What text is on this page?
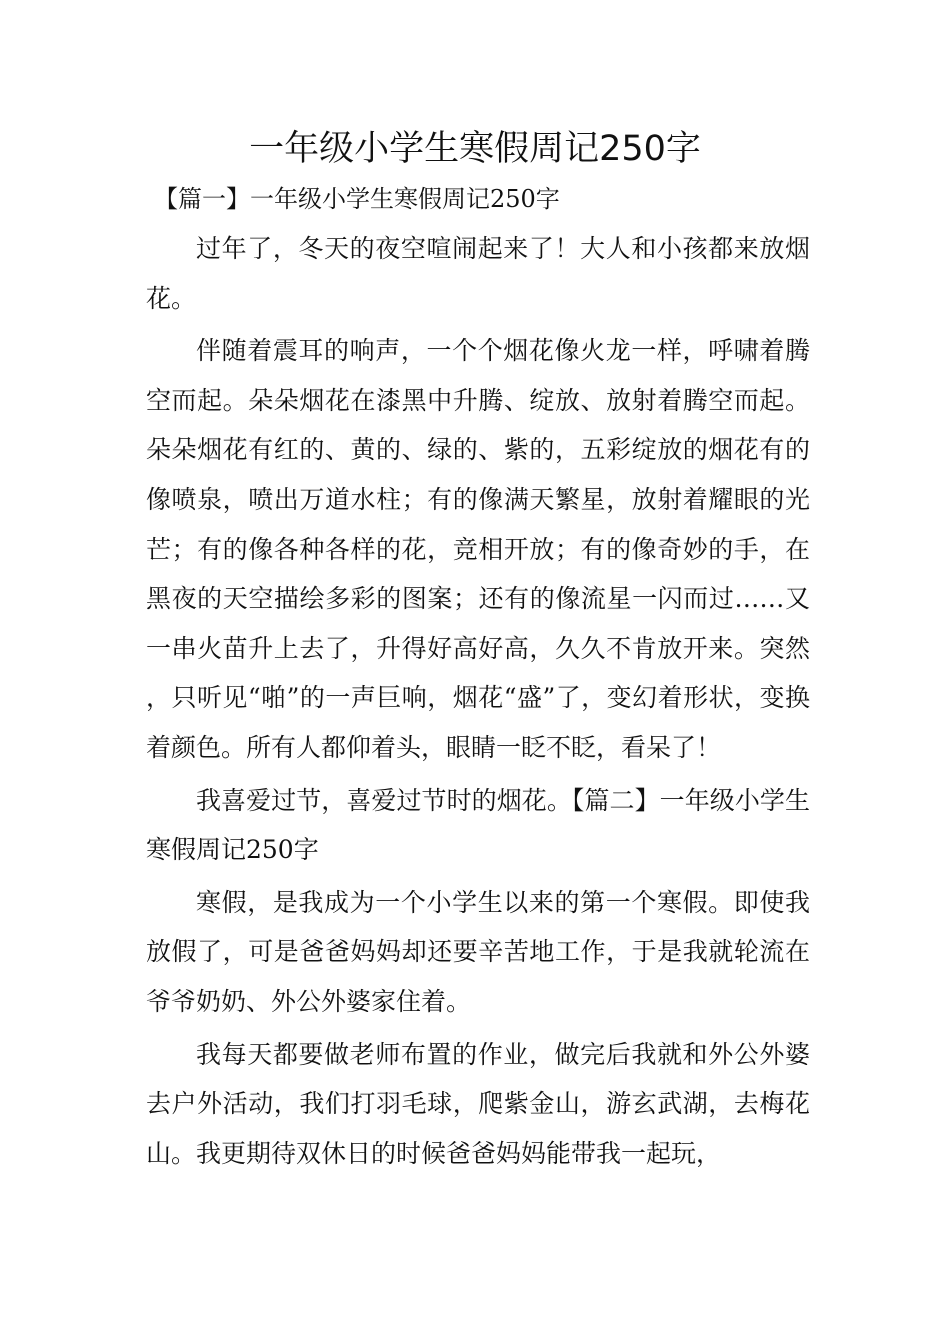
一年级小学生寒假周记250字
【篇一】一年级小学生寒假周记250字

过年了，冬天的夜空喧闹起来了！大人和小孩都来放烟花。

伴随着震耳的响声，一个个烟花像火龙一样，呼啸着腾空而起。朵朵烟花在漆黑中升腾、绽放、放射着腾空而起。朵朵烟花有红的、黄的、绿的、紫的，五彩绽放的烟花有的像喷泉，喷出万道水柱；有的像满天繁星，放射着耀眼的光芒；有的像各种各样的花，竞相开放；有的像奇妙的手，在黑夜的天空描绘多彩的图案；还有的像流星一闪而过……又一串火苗升上去了，升得好高好高，久久不肯放开来。突然，只听见“啪”的一声巨响，烟花“盛”了，变幻着形状，变换着颜色。所有人都仰着头，眼睛一眨不眨，看呆了！

我喜爱过节，喜爱过节时的烟花。【篇二】一年级小学生寒假周记250字

寒假，是我成为一个小学生以来的第一个寒假。即使我放假了，可是爸爸妈妈却还要辛苦地工作，于是我就轮流在爷爷奶奶、外公外婆家住着。

我每天都要做老师布置的作业，做完后我就和外公外婆去户外活动，我们打羽毛球，爬紫金山，游玄武湖，去梅花山。我更期待双休日的时候爸爸妈妈能带我一起玩，
